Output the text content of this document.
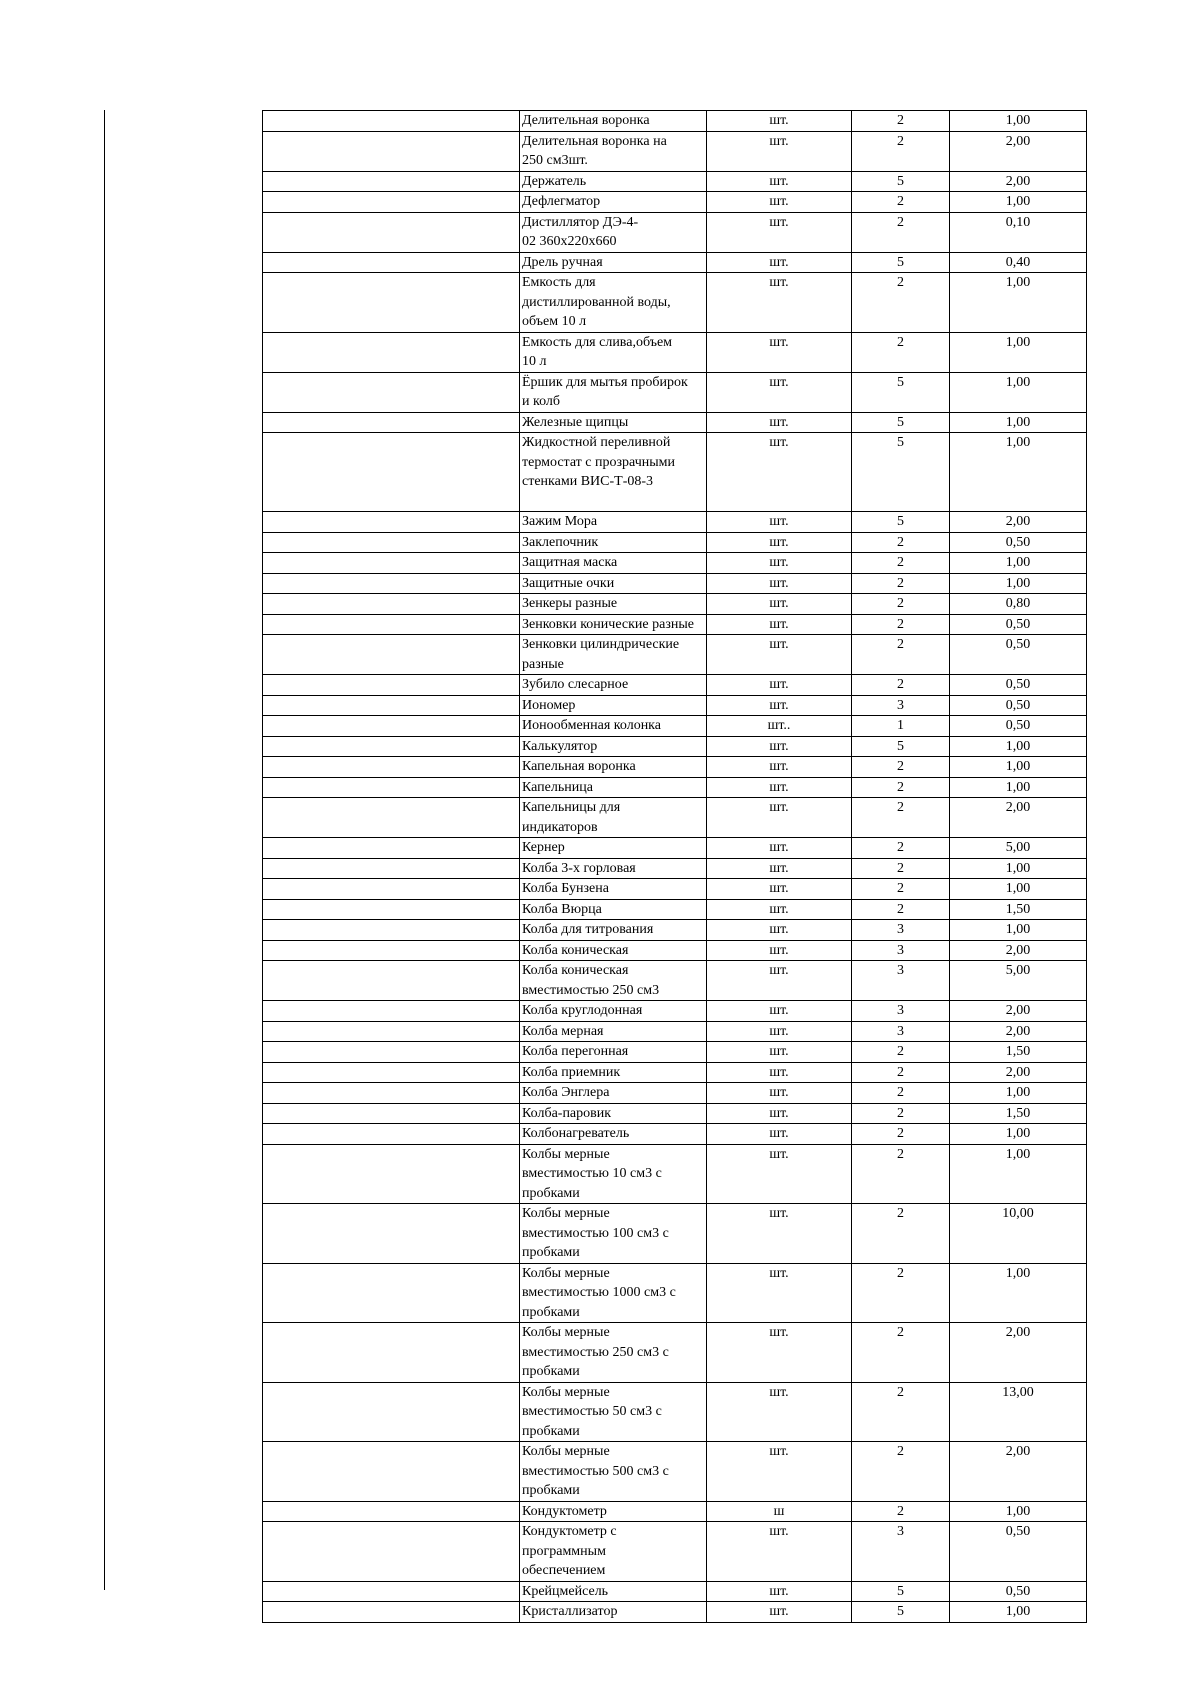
	Делительная воронка	шт.	2	1,00

	Делительная воронка на
250 см3шт.	шт.	2	2,00

	Держатель	шт.	5	2,00

	Дефлегматор	шт.	2	1,00

	Дистиллятор ДЭ-4-
02 360х220х660	шт.	2	0,10

	Дрель ручная	шт.	5	0,40

	Емкость для
дистиллированной воды,
объем 10 л	шт.	2	1,00

	Емкость для слива,объем
10 л	шт.	2	1,00

	Ёршик для мытья пробирок
и колб	шт.	5	1,00

	Железные щипцы	шт.	5	1,00

	Жидкостной переливной
термостат с прозрачными
стенками ВИС-Т-08-3	шт.	5	1,00

	Зажим Мора	шт.	5	2,00

	Заклепочник	шт.	2	0,50

	Защитная маска	шт.	2	1,00

	Защитные очки	шт.	2	1,00

	Зенкеры разные	шт.	2	0,80

	Зенковки конические разные	шт.	2	0,50

	Зенковки цилиндрические
разные	шт.	2	0,50

	Зубило слесарное	шт.	2	0,50

	Иономер	шт.	3	0,50

	Ионообменная колонка	шт..	1	0,50

	Калькулятор	шт.	5	1,00

	Капельная воронка	шт.	2	1,00

	Капельница	шт.	2	1,00

	Капельницы для
индикаторов	шт.	2	2,00

	Кернер	шт.	2	5,00

	Колба 3-х горловая	шт.	2	1,00

	Колба Бунзена	шт.	2	1,00

	Колба Вюрца	шт.	2	1,50

	Колба для титрования	шт.	3	1,00

	Колба коническая	шт.	3	2,00

	Колба коническая
вместимостью 250 см3	шт.	3	5,00

	Колба круглодонная	шт.	3	2,00

	Колба мерная	шт.	3	2,00

	Колба перегонная	шт.	2	1,50

	Колба приемник	шт.	2	2,00

	Колба Энглера	шт.	2	1,00

	Колба-паровик	шт.	2	1,50

	Колбонагреватель	шт.	2	1,00

	Колбы мерные
вместимостью 10 см3 с
пробками	шт.	2	1,00

	Колбы мерные
вместимостью 100 см3 с
пробками	шт.	2	10,00

	Колбы мерные
вместимостью 1000 см3 с
пробками	шт.	2	1,00

	Колбы мерные
вместимостью 250 см3 с
пробками	шт.	2	2,00

	Колбы мерные
вместимостью 50 см3 с
пробками	шт.	2	13,00

	Колбы мерные
вместимостью 500 см3 с
пробками	шт.	2	2,00

	Кондуктометр	ш	2	1,00

	Кондуктометр с
программным
обеспечением	шт.	3	0,50

	Крейцмейсель	шт.	5	0,50

	Кристаллизатор	шт.	5	1,00
